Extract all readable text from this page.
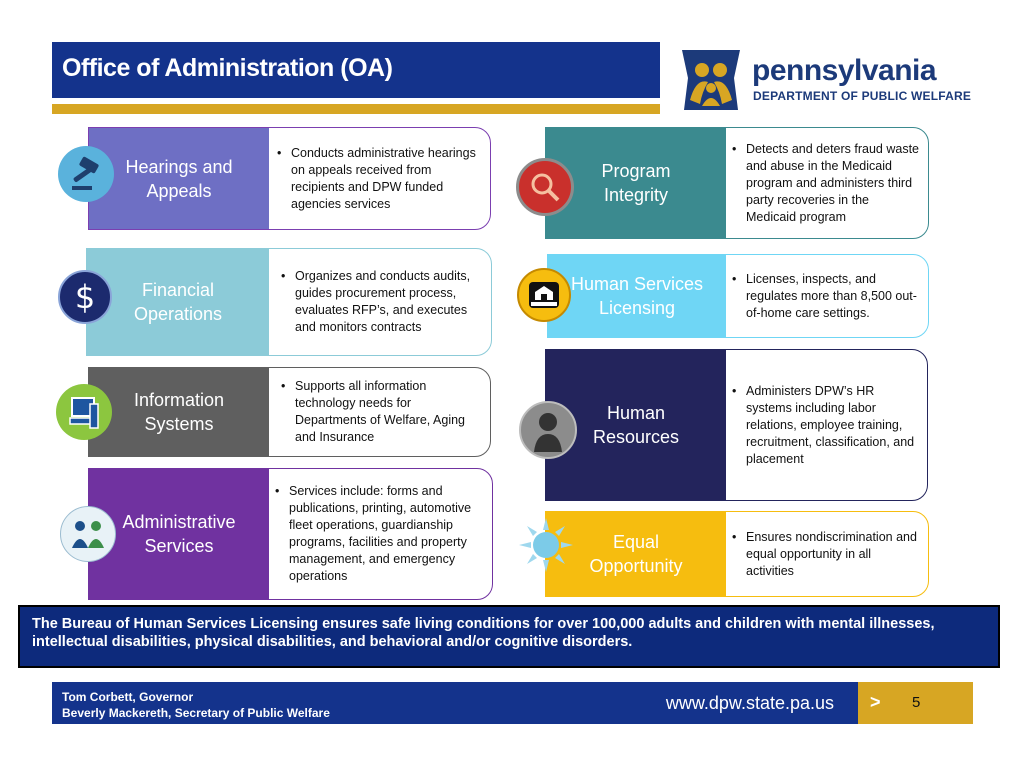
Office of Administration (OA)	pennsylvania
DEPARTMENT OF PUBLIC WELFARE
Hearings and
Appeals
• Conducts administrative hearings on appeals received from recipients and DPW funded agencies services
Financial
Operations
• Organizes and conducts audits, guides procurement process, evaluates RFP’s, and executes and monitors contracts
$
Information
Systems
• Supports all information technology needs for Departments of Welfare, Aging and Insurance
Administrative
Services
• Services include: forms and publications, printing, automotive fleet operations, guardianship programs, facilities and property management, and emergency operations
Program
Integrity
• Detects and deters fraud waste and abuse in the Medicaid program and administers third party recoveries in the Medicaid program
Human Services
Licensing
• Licenses, inspects, and regulates more than 8,500 out-of-home care settings.
Human
Resources
• Administers DPW’s HR systems including labor relations, employee training, recruitment, classification, and placement
Equal
Opportunity
• Ensures nondiscrimination and equal opportunity in all activities
The Bureau of Human Services Licensing ensures safe living conditions for over 100,000 adults and children with mental illnesses, intellectual disabilities, physical disabilities, and behavioral and/or cognitive disorders.
Tom Corbett, Governor
Beverly Mackereth, Secretary of Public Welfare	www.dpw.state.pa.us > 5
